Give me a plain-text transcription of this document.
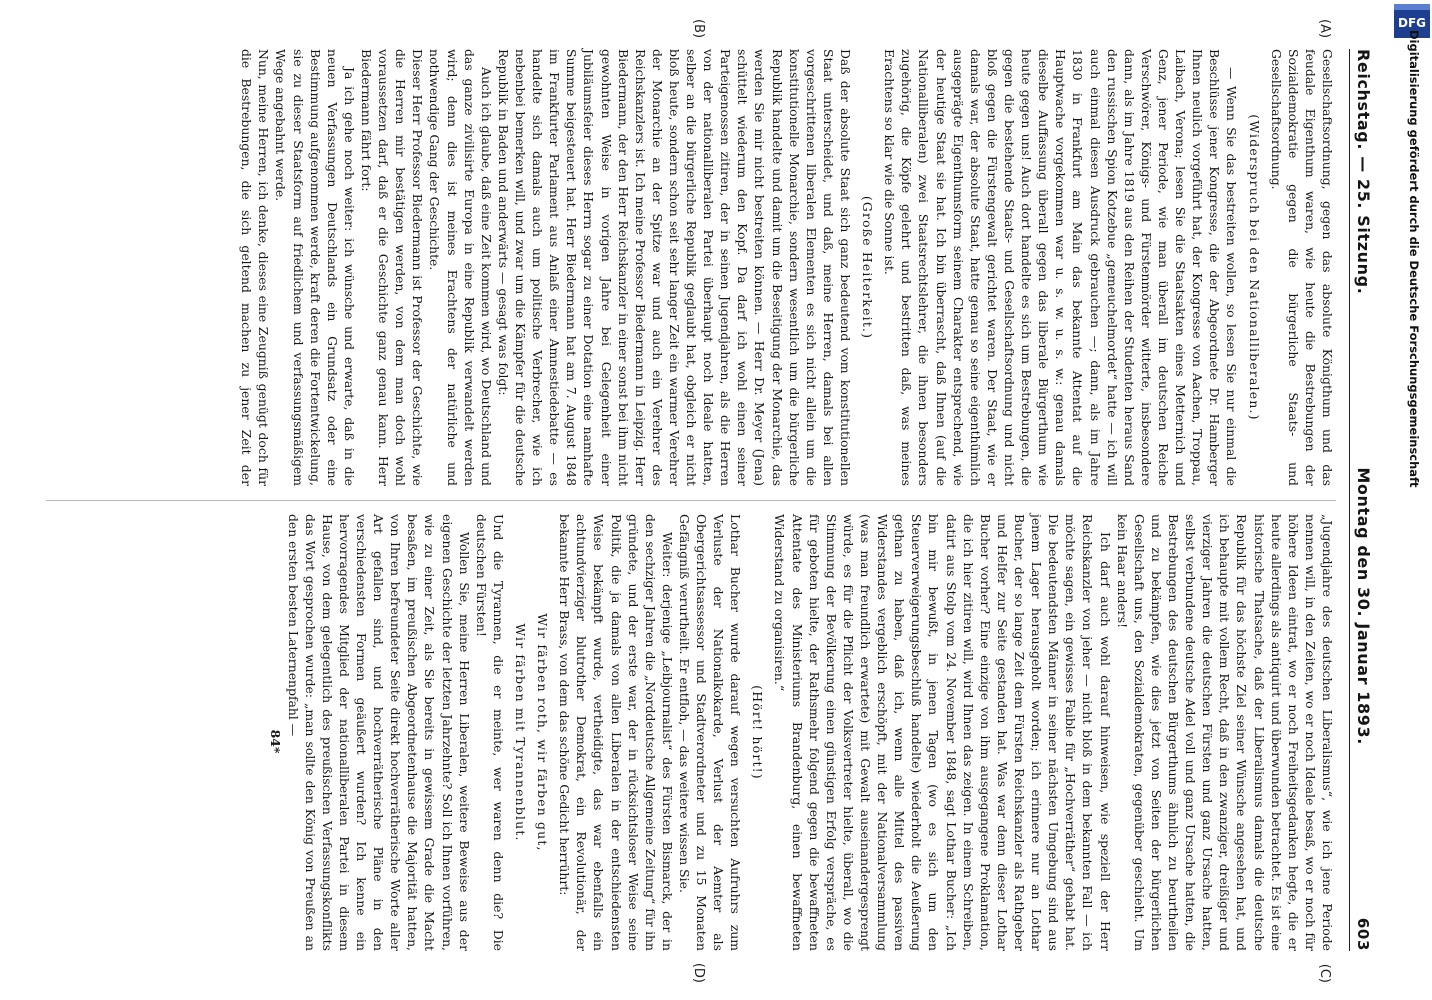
Reichstag. — 25. Sitzung.
Montag den 30. Januar 1893.
603
(A)
(B)
(C)
(D)

Gesellschaftsordnung, gegen das absolute Königthum und das feudale Eigenthum waren, wie heute die Bestrebungen der Sozialdemokratie gegen die bürgerliche Staats- und Gesellschaftsordnung.

(Widerspruch bei den Nationalliberalen.)

— Wenn Sie das bestreiten wollen, so lesen Sie nur einmal die Beschlüsse jener Kongresse, die der Abgeordnete Dr. Hamberger Ihnen neulich vorgeführt hat, der Kongresse von Aachen, Troppau, Laibach, Verona; lesen Sie die Staatsakten eines Metternich und Genz, jener Periode, wie man überall im deutschen Reiche Verschwörer, Königs- und Fürstenmörder witterte, insbesondere dann, als im Jahre 1819 aus den Reihen der Studenten heraus Sand den russischen Spion Kotzebue „gemeuchelmordet“ hatte — ich will auch einmal diesen Ausdruck gebrauchen —; dann, als im Jahre 1830 in Frankfurt am Main das bekannte Attentat auf die Hauptwache vorgekommen war u. s. w. u. s. w.: genau damals dieselbe Auffassung überall gegen das liberale Bürgerthum wie heute gegen uns! Auch dort handelte es sich um Bestrebungen, die gegen die bestehende Staats- und Gesellschaftsordnung und nicht bloß gegen die Fürstengewalt gerichtet waren. Der Staat, wie er damals war, der absolute Staat, hatte genau so seine eigenthümlich ausgeprägte Eigenthumsform seinem Charakter entsprechend, wie der heutige Staat sie hat. Ich bin überrascht, daß Ihnen (auf die Nationalliberalen) zwei Staatsrechtslehrer, die ihnen besonders zugehörig, die Köpfe gelehrt und bestritten daß, was meines Erachtens so klar wie die Sonne ist.

(Große Heiterkeit.)

Daß der absolute Staat sich ganz bedeutend vom konstitutionellen Staat unterscheidet, und daß, meine Herren, damals bei allen vorgeschrittenen liberalen Elementen es sich nicht allein um die konstitutionelle Monarchie, sondern wesentlich um die bürgerliche Republik handelte und damit um die Beseitigung der Monarchie, das werden Sie mir nicht bestreiten können. — Herr Dr. Meyer (Jena) schüttelt wiederum den Kopf. Da darf ich wohl einen seiner Parteigenossen zitiren, der in seinen Jugendjahren, als die Herren von der nationalliberalen Partei überhaupt noch Ideale hatten, selber an die bürgerliche Republik geglaubt hat, obgleich er nicht bloß heute, sondern schon seit sehr langer Zeit ein warmer Verehrer der Monarchie an der Spitze war und auch ein Verehrer des Reichskanzlers ist. Ich meine Professor Biedermann in Leipzig. Herr Biedermann, der den Herr Reichskanzler in einer sonst bei ihm nicht gewohnten Weise in vorigen Jahre bei Gelegenheit einer Jubiläumsfeier dieses Herrn sogar zu einer Dotation eine namhafte Summe beigesteuert hat. Herr Biedermann hat am 7. August 1848 im Frankfurter Parlament aus Anlaß einer Amnestiedebatte — es handelte sich damals auch um politische Verbrecher, wie ich nebenbei bemerken will, und zwar um die Kämpfer für die deutsche Republik in Baden und anderwärts — gesagt was folgt:

Auch ich glaube, daß eine Zeit kommen wird, wo Deutschland und das ganze zivilisirte Europa in eine Republik verwandelt werden wird; denn dies ist meines Erachtens der natürliche und nothwendige Gang der Geschichte.

Dieser Herr Professor Biedermann ist Professor der Geschichte, wie die Herren mir bestätigen werden, von dem man doch wohl voraussetzen darf, daß er die Geschichte ganz genau kann. Herr Biedermann fährt fort:

Ja ich gehe noch weiter: ich wünsche und erwarte, daß in die neuen Verfassungen Deutschlands ein Grundsatz oder eine Bestimmung aufgenommen werde, kraft deren die Fortentwickelung, sie zu dieser Staatsform auf friedlichem und verfassungsmäßigem Wege angebahnt werde.

Nun, meine Herren, ich denke, dieses eine Zeugniß genügt doch für die Bestrebungen, die sich geltend machen zu jener Zeit der „Jugendjahre des deutschen Liberalismus“, wie ich jene Periode nennen will, in den Zeiten, wo er noch Ideale besaß, wo er noch für höhere Ideen eintrat, wo er noch Freiheitsgedanken hegte, die er heute allerdings als antiquirt und überwunden betrachtet. Es ist eine historische Thatsache, daß der Liberalismus damals die deutsche Republik für das höchste Ziel seiner Wünsche angesehen hat, und ich behaupte mit vollem Recht, daß in den zwanziger, dreißiger und vierziger Jahren die deutschen Fürsten und ganz Ursache hatten, selbst verbundene deutsche Adel voll und ganz Ursache hatten, die Bestrebungen des deutschen Bürgerthums ähnlich zu beurtheilen und zu bekämpfen, wie dies jetzt von Seiten der bürgerlichen Gesellschaft uns, den Sozialdemokraten, gegenüber geschieht. Um kein Haar anders!

Ich darf auch wohl darauf hinweisen, wie speziell der Herr Reichskanzler von jeher — nicht bloß in dem bekannten Fall — ich möchte sagen, ein gewisses Faible für „Hochverräther“ gehabt hat. Die bedeutendsten Männer in seiner nächsten Umgebung sind aus jenem Lager herausgeholt worden; ich erinnere nur an Lothar Bucher, der so lange Zeit dem Fürsten Reichskanzler als Rathgeber und Helfer zur Seite gestanden hat. Was war denn dieser Lothar Bucher vorher? Eine einzige von ihm ausgegangene Proklamation, die ich hier zitiren will, wird Ihnen das zeigen. In einem Schreiben, datirt aus Stolp vom 24. November 1848, sagt Lothar Bucher: „Ich bin mir bewußt, in jenen Tagen (wo es sich um den Steuerverweigerungsbeschluß handelte) wiederholt die Aeußerung gethan zu haben, daß ich, wenn alle Mittel des passiven Widerstandes vergeblich erschöpft, mit der Nationalversammlung (was man freundlich erwartete) mit Gewalt auseinandergesprengt würde, es für die Pflicht der Volksvertreter hielte, überall, wo die Stimmung der Bevölkerung einen günstigen Erfolg verspräche, es für geboten hielte, der Rathsmehr folgend gegen die bewaffneten Attentate des Ministeriums Brandenburg, einen bewaffneten Widerstand zu organisiren.“

(Hört! hört!)

Lothar Bucher wurde darauf wegen versuchten Aufruhrs zum Verluste der Nationalkokarde, Verlust der Aemter als Obergerichtsassessor und Stadtverordneter und zu 15 Monaten Gefängniß verurtheilt. Er entfloh, — das weitere wissen Sie.

Weiter: derjenige „Leibjournalist“ des Fürsten Bismarck, der in den sechziger Jahren die „Norddeutsche Allgemeine Zeitung“ für ihn gründete, und der erste war, der in rücksichtsloser Weise seine Politik, die ja damals von allen Liberalen in der entschiedensten Weise bekämpft wurde, vertheidigte, das war ebenfalls ein achtundvierziger blutrother Demokrat, ein Revolutionär, der bekannte Herr Brass, von dem das schöne Gedicht herrührt:

Wir färben roth, wir färben gut,

Wir färben mit Tyrannenblut.

Und die Tyrannen, die er meinte, wer waren denn die? Die deutschen Fürsten!

Wollen Sie, meine Herren Liberalen, weitere Beweise aus der eigenen Geschichte der letzten Jahrzehnte? Soll ich Ihnen vorführen, wie zu einer Zeit, als Sie bereits in gewissem Grade die Macht besaßen, im preußischen Abgeordnetenhause die Majorität hatten, von Ihren befreundeter Seite direkt hochverrätherische Worte aller Art gefallen sind, und hochverrätherische Pläne in den verschiedensten Formen geäußert wurden? Ich kenne ein hervorragendes Mitglied der nationalliberalen Partei in diesem Hause, von dem gelegentlich des preußischen Verfassungskonflikts das Wort gesprochen wurde: „man sollte den König von Preußen an den ersten besten Laternenpfahl —

84*

DFG
Digitalisierung gefördert durch die Deutsche Forschungsgemeinschaft
